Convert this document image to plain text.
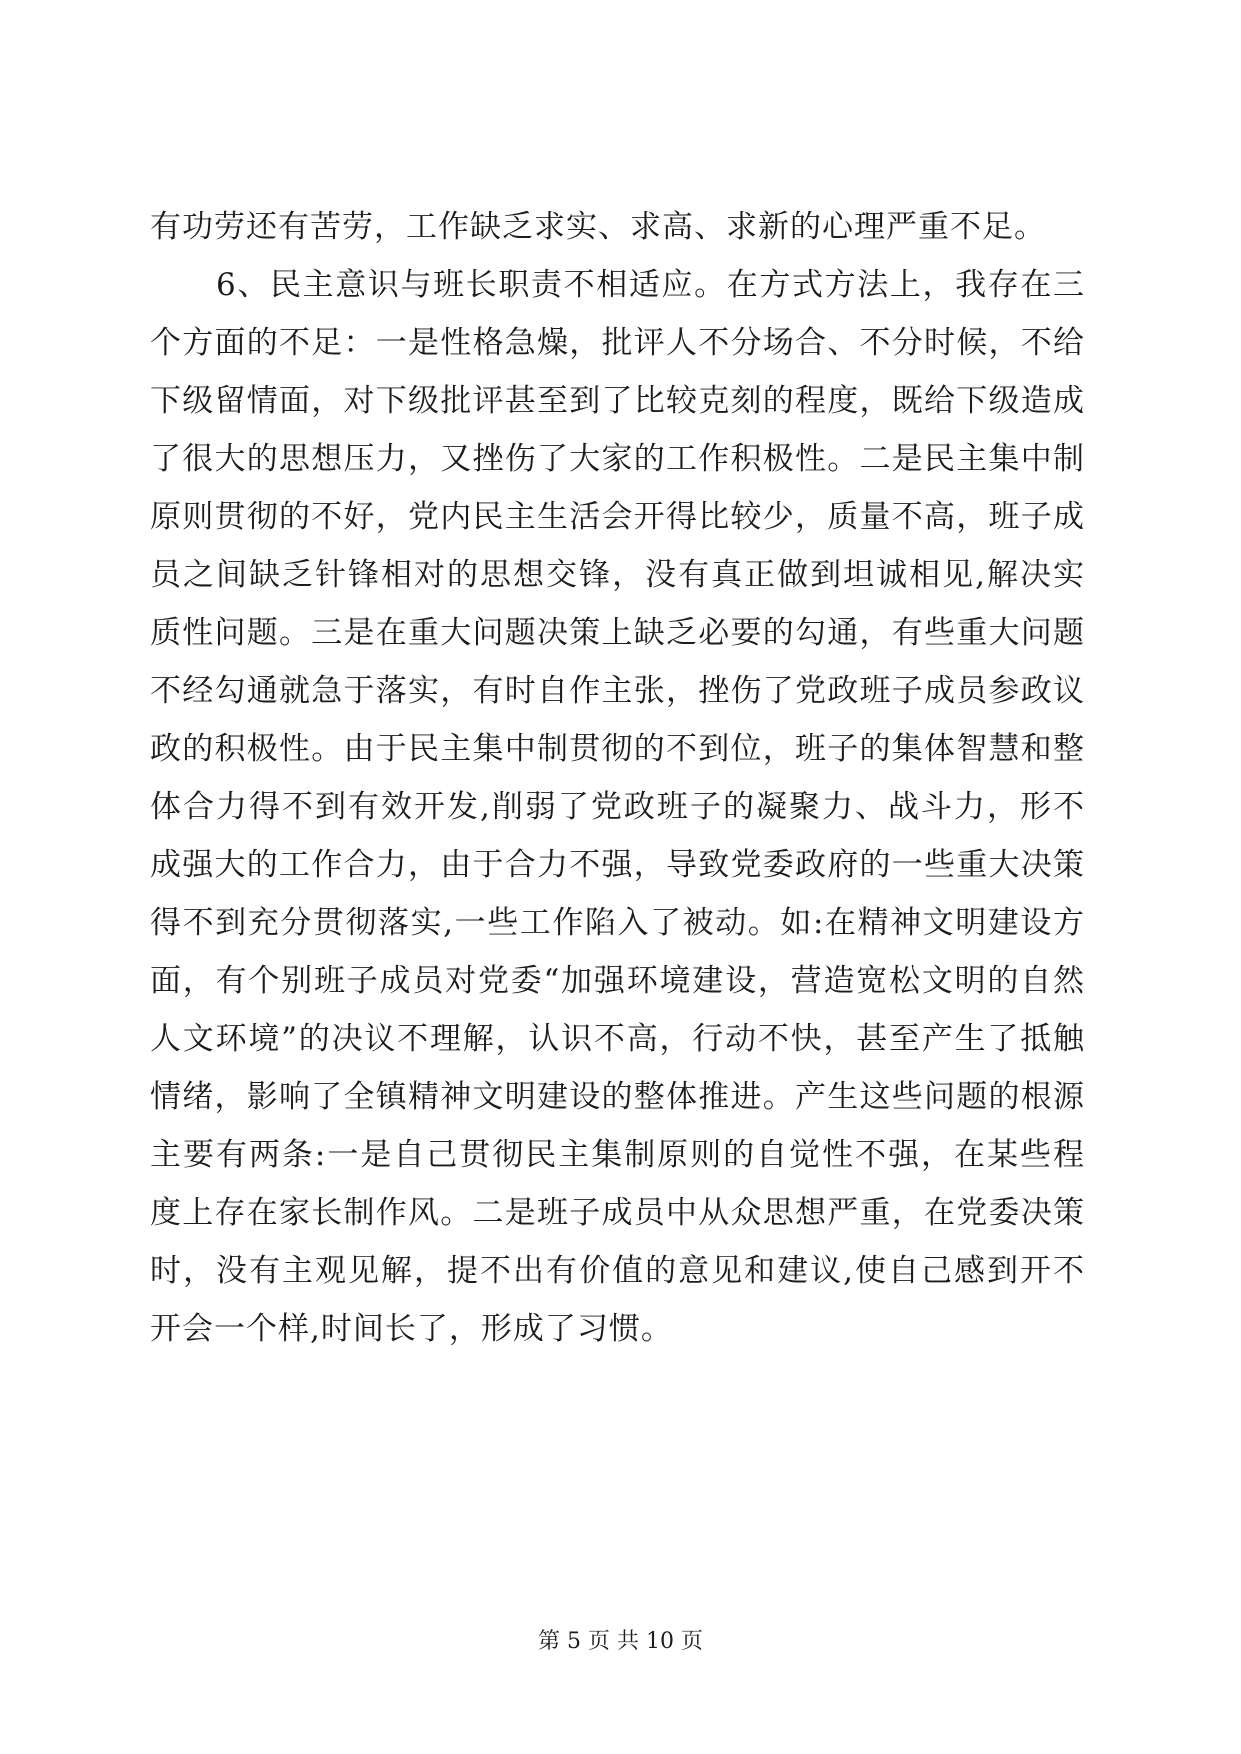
有功劳还有苦劳，工作缺乏求实、求高、求新的心理严重不足。

6、民主意识与班长职责不相适应。在方式方法上，我存在三个方面的不足：一是性格急燥，批评人不分场合、不分时候，不给下级留情面，对下级批评甚至到了比较克刻的程度，既给下级造成了很大的思想压力，又挫伤了大家的工作积极性。二是民主集中制原则贯彻的不好，党内民主生活会开得比较少，质量不高，班子成员之间缺乏针锋相对的思想交锋，没有真正做到坦诚相见,解决实质性问题。三是在重大问题决策上缺乏必要的勾通，有些重大问题不经勾通就急于落实，有时自作主张，挫伤了党政班子成员参政议政的积极性。由于民主集中制贯彻的不到位，班子的集体智慧和整体合力得不到有效开发,削弱了党政班子的凝聚力、战斗力，形不成强大的工作合力，由于合力不强，导致党委政府的一些重大决策得不到充分贯彻落实,一些工作陷入了被动。如:在精神文明建设方面，有个别班子成员对党委“加强环境建设，营造宽松文明的自然人文环境”的决议不理解，认识不高，行动不快，甚至产生了抵触情绪，影响了全镇精神文明建设的整体推进。产生这些问题的根源主要有两条:一是自己贯彻民主集制原则的自觉性不强，在某些程度上存在家长制作风。二是班子成员中从众思想严重，在党委决策时，没有主观见解，提不出有价值的意见和建议,使自己感到开不开会一个样,时间长了，形成了习惯。

第 5 页 共 10 页
